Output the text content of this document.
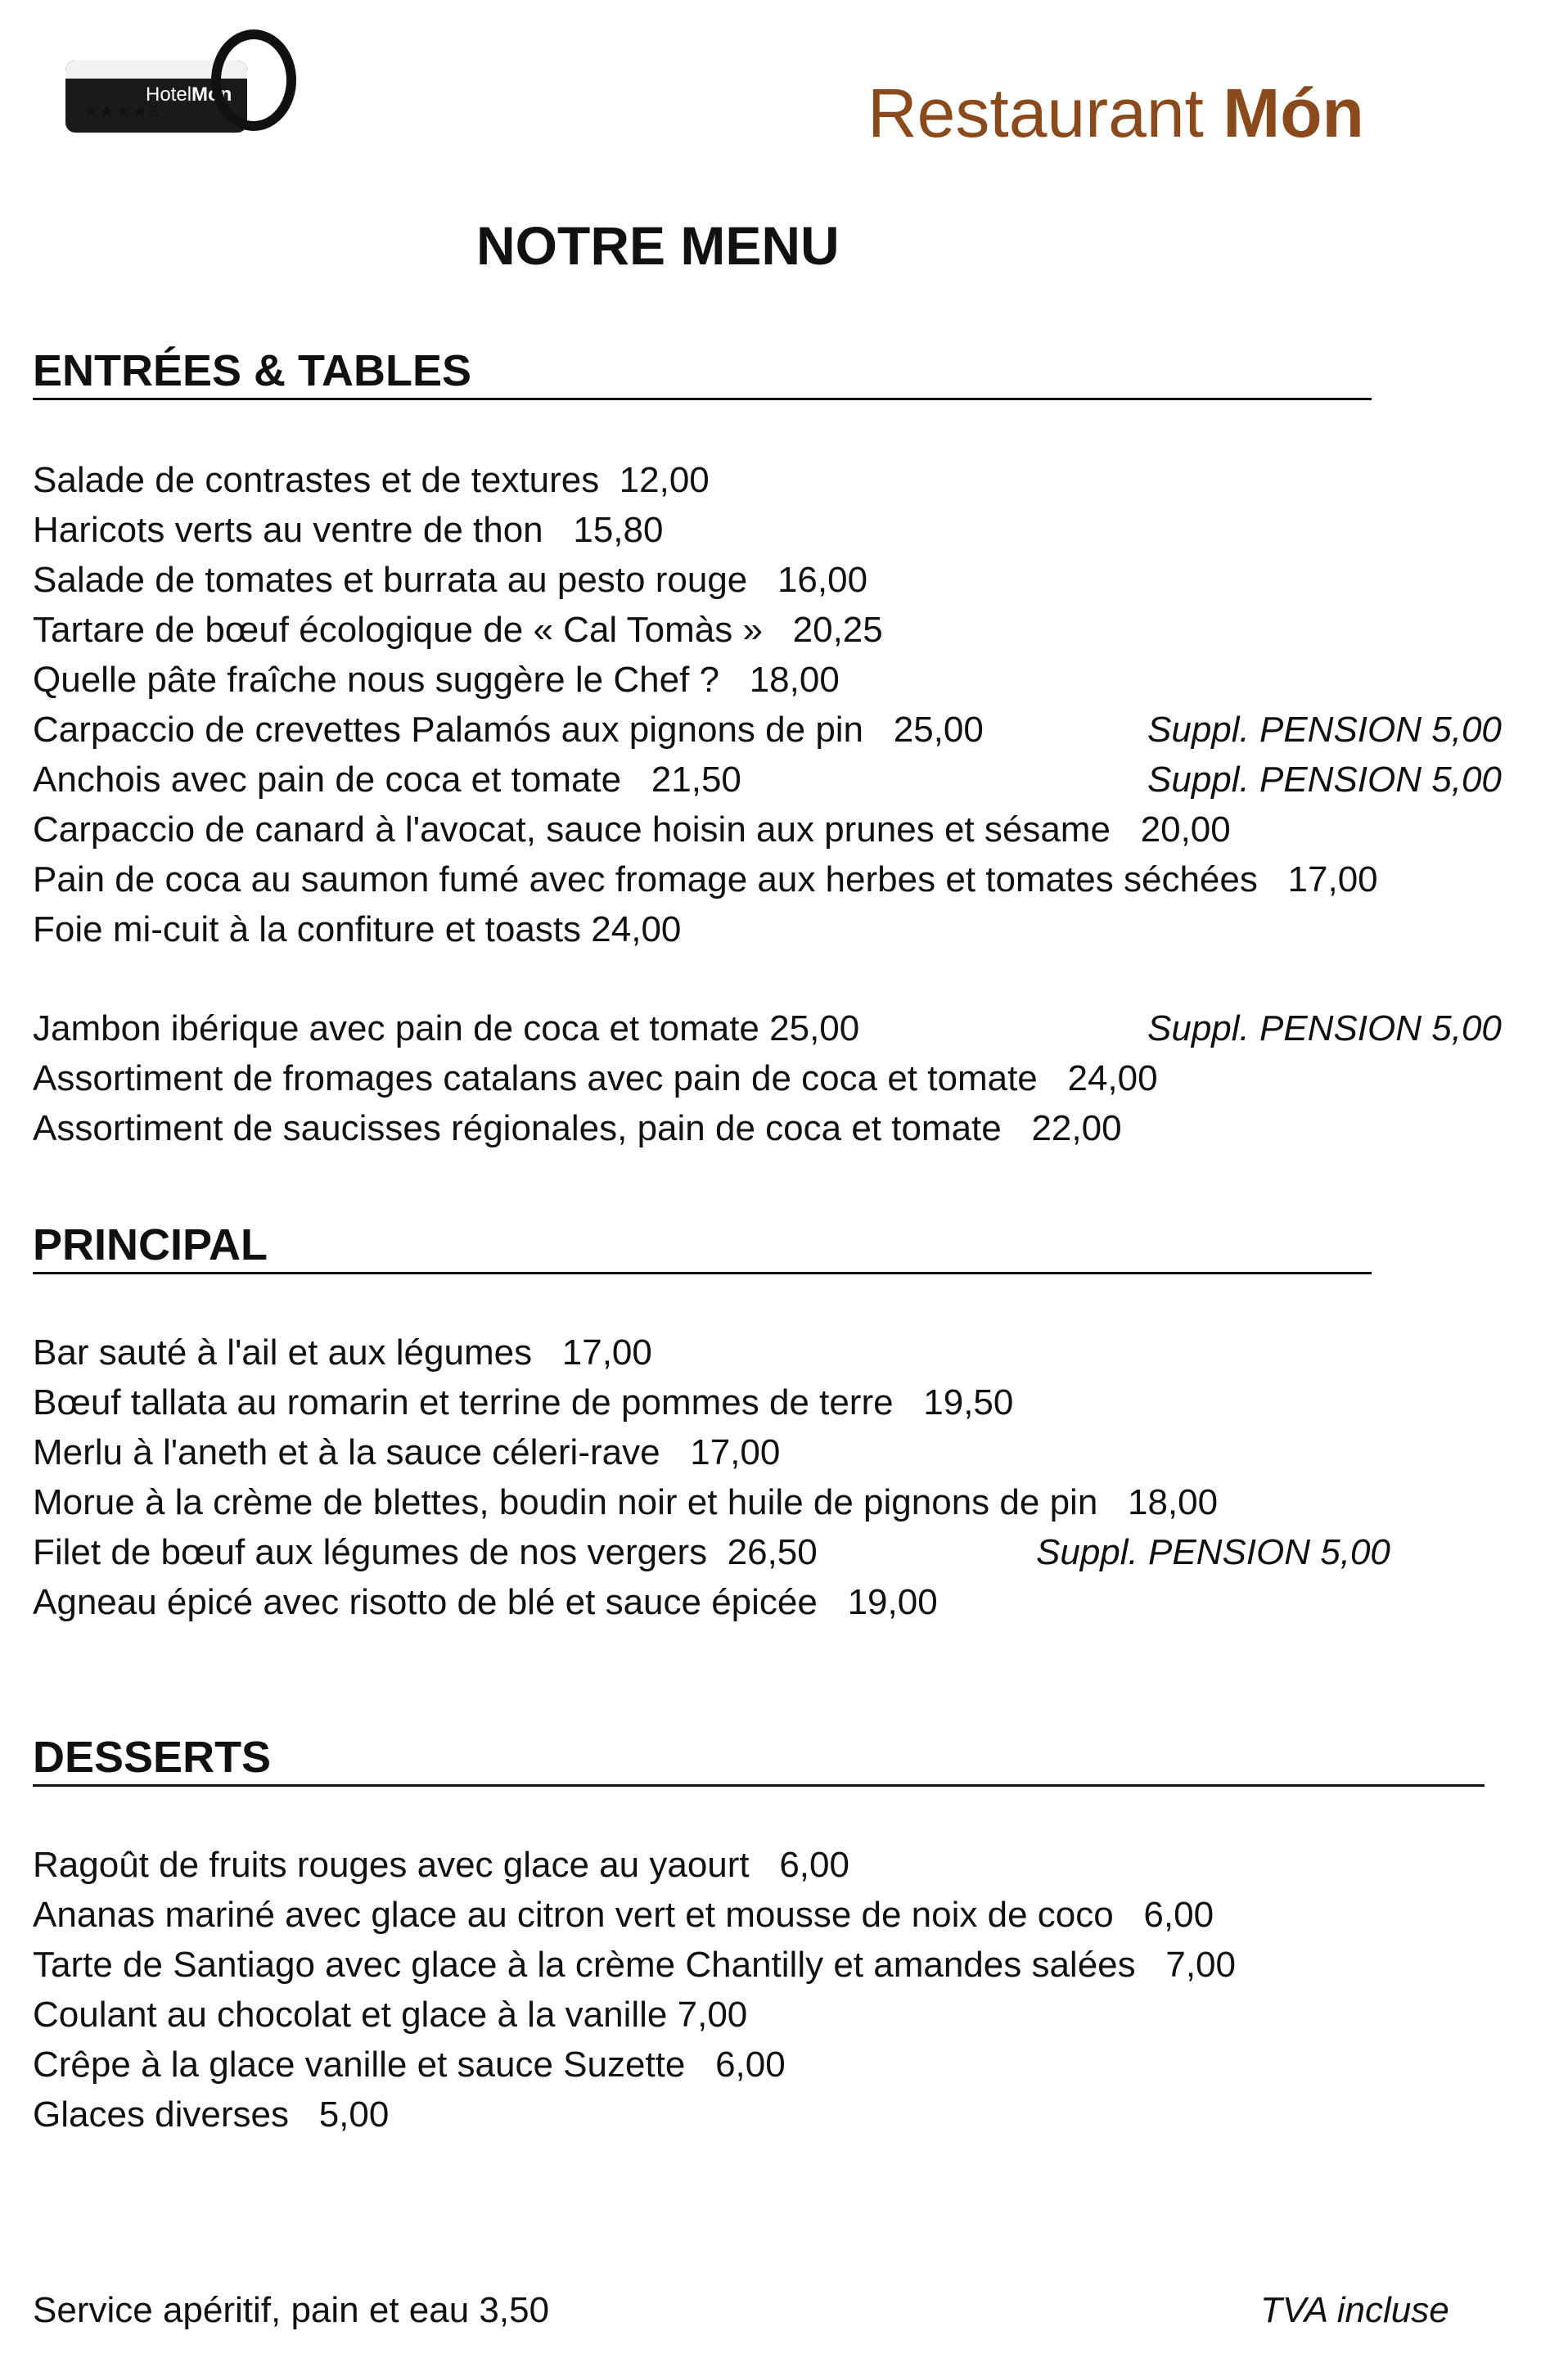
HotelMón
★★★★S	Restaurant Món
NOTRE MENU
ENTRÉES & TABLES
Salade de contrastes et de textures 12,00
Haricots verts au ventre de thon 15,80
Salade de tomates et burrata au pesto rouge 16,00
Tartare de bœuf écologique de « Cal Tomàs » 20,25
Quelle pâte fraîche nous suggère le Chef ? 18,00
Carpaccio de crevettes Palamós aux pignons de pin 25,00	Suppl. PENSION 5,00
Anchois avec pain de coca et tomate 21,50	Suppl. PENSION 5,00
Carpaccio de canard à l'avocat, sauce hoisin aux prunes et sésame 20,00
Pain de coca au saumon fumé avec fromage aux herbes et tomates séchées 17,00
Foie mi-cuit à la confiture et toasts 24,00
Jambon ibérique avec pain de coca et tomate 25,00	Suppl. PENSION 5,00
Assortiment de fromages catalans avec pain de coca et tomate 24,00
Assortiment de saucisses régionales, pain de coca et tomate 22,00
PRINCIPAL
Bar sauté à l'ail et aux légumes 17,00
Bœuf tallata au romarin et terrine de pommes de terre 19,50
Merlu à l'aneth et à la sauce céleri-rave 17,00
Morue à la crème de blettes, boudin noir et huile de pignons de pin 18,00
Filet de bœuf aux légumes de nos vergers 26,50	Suppl. PENSION 5,00
Agneau épicé avec risotto de blé et sauce épicée 19,00
DESSERTS
Ragoût de fruits rouges avec glace au yaourt 6,00
Ananas mariné avec glace au citron vert et mousse de noix de coco 6,00
Tarte de Santiago avec glace à la crème Chantilly et amandes salées 7,00
Coulant au chocolat et glace à la vanille 7,00
Crêpe à la glace vanille et sauce Suzette 6,00
Glaces diverses 5,00
Service apéritif, pain et eau 3,50	TVA incluse
